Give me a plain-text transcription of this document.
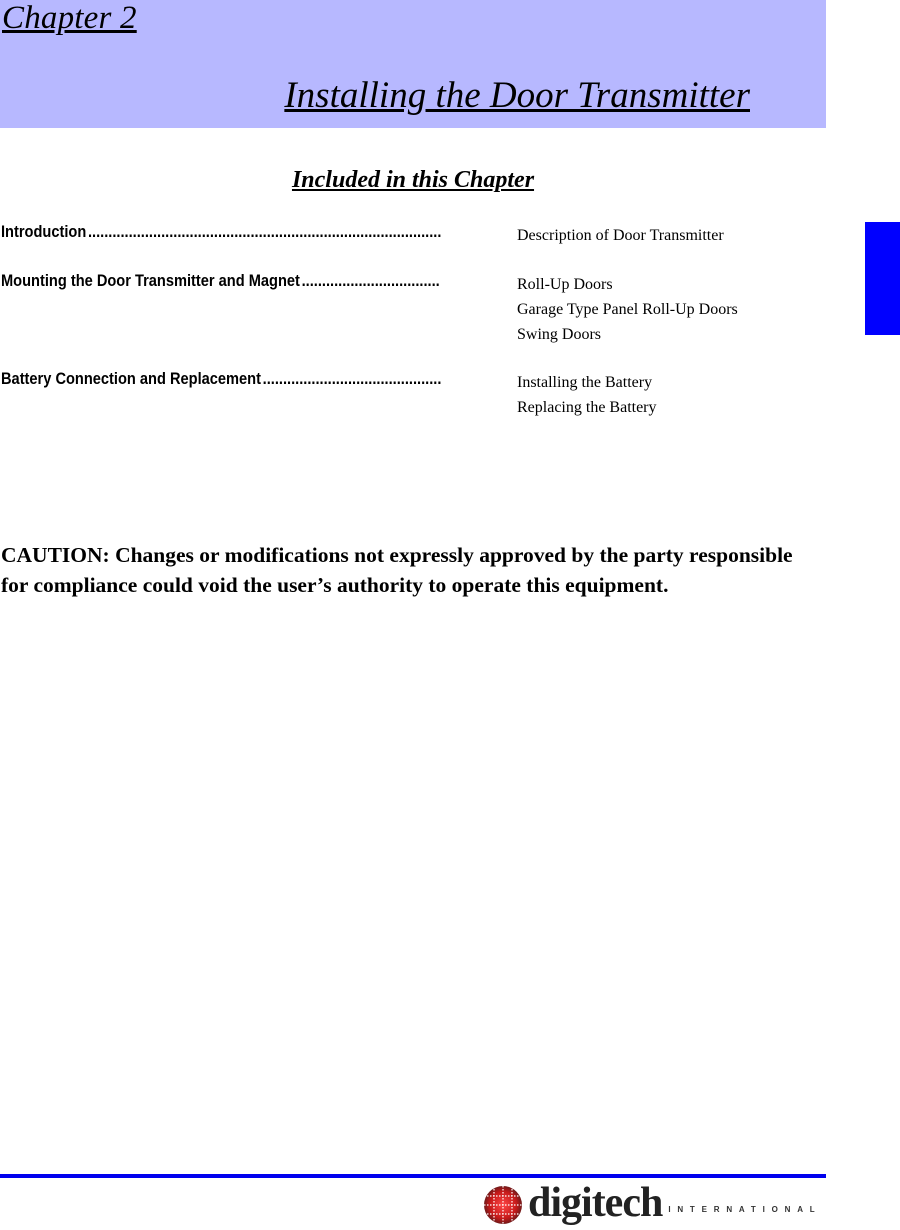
Chapter 2
Installing the Door Transmitter
Included in this Chapter
Introduction .....	Description of Door Transmitter
Mounting the Door Transmitter and Magnet .....	Roll-Up Doors
Garage Type Panel Roll-Up Doors
Swing Doors
Battery Connection and Replacement .....	Installing the Battery
Replacing the Battery
CAUTION: Changes or modifications not expressly approved by the party responsible for compliance could void the user’s authority to operate this equipment.
digitech INTERNATIONAL
